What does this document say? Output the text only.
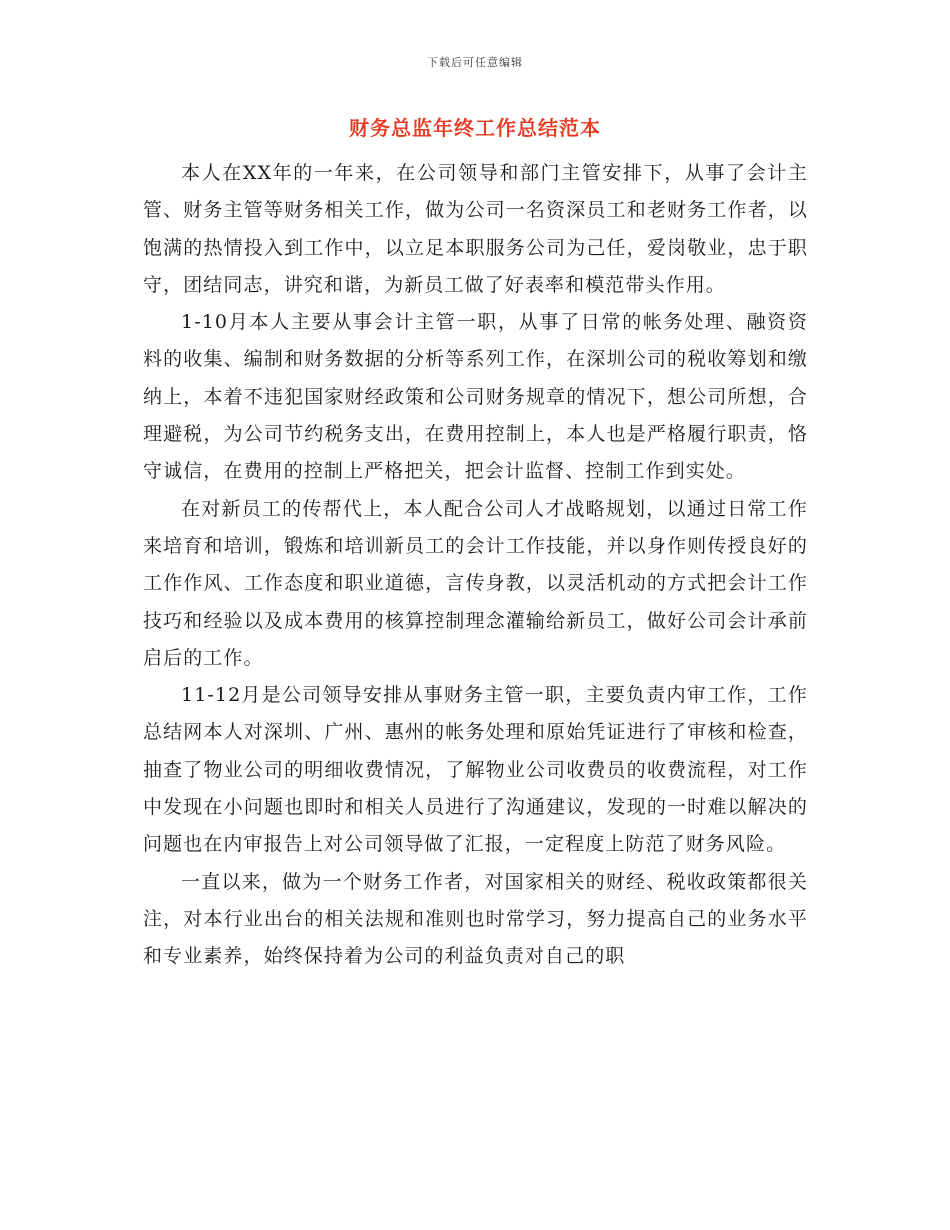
下载后可任意编辑
财务总监年终工作总结范本

本人在XX年的一年来，在公司领导和部门主管安排下，从事了会计主管、财务主管等财务相关工作，做为公司一名资深员工和老财务工作者，以饱满的热情投入到工作中，以立足本职服务公司为己任，爱岗敬业，忠于职守，团结同志，讲究和谐，为新员工做了好表率和模范带头作用。

1-10月本人主要从事会计主管一职，从事了日常的帐务处理、融资资料的收集、编制和财务数据的分析等系列工作，在深圳公司的税收筹划和缴纳上，本着不违犯国家财经政策和公司财务规章的情况下，想公司所想，合理避税，为公司节约税务支出，在费用控制上，本人也是严格履行职责，恪守诚信，在费用的控制上严格把关，把会计监督、控制工作到实处。

在对新员工的传帮代上，本人配合公司人才战略规划，以通过日常工作来培育和培训，锻炼和培训新员工的会计工作技能，并以身作则传授良好的工作作风、工作态度和职业道德，言传身教，以灵活机动的方式把会计工作技巧和经验以及成本费用的核算控制理念灌输给新员工，做好公司会计承前启后的工作。

11-12月是公司领导安排从事财务主管一职，主要负责内审工作，工作总结网本人对深圳、广州、惠州的帐务处理和原始凭证进行了审核和检查，抽查了物业公司的明细收费情况，了解物业公司收费员的收费流程，对工作中发现在小问题也即时和相关人员进行了沟通建议，发现的一时难以解决的问题也在内审报告上对公司领导做了汇报，一定程度上防范了财务风险。

一直以来，做为一个财务工作者，对国家相关的财经、税收政策都很关注，对本行业出台的相关法规和准则也时常学习，努力提高自己的业务水平和专业素养，始终保持着为公司的利益负责对自己的职
